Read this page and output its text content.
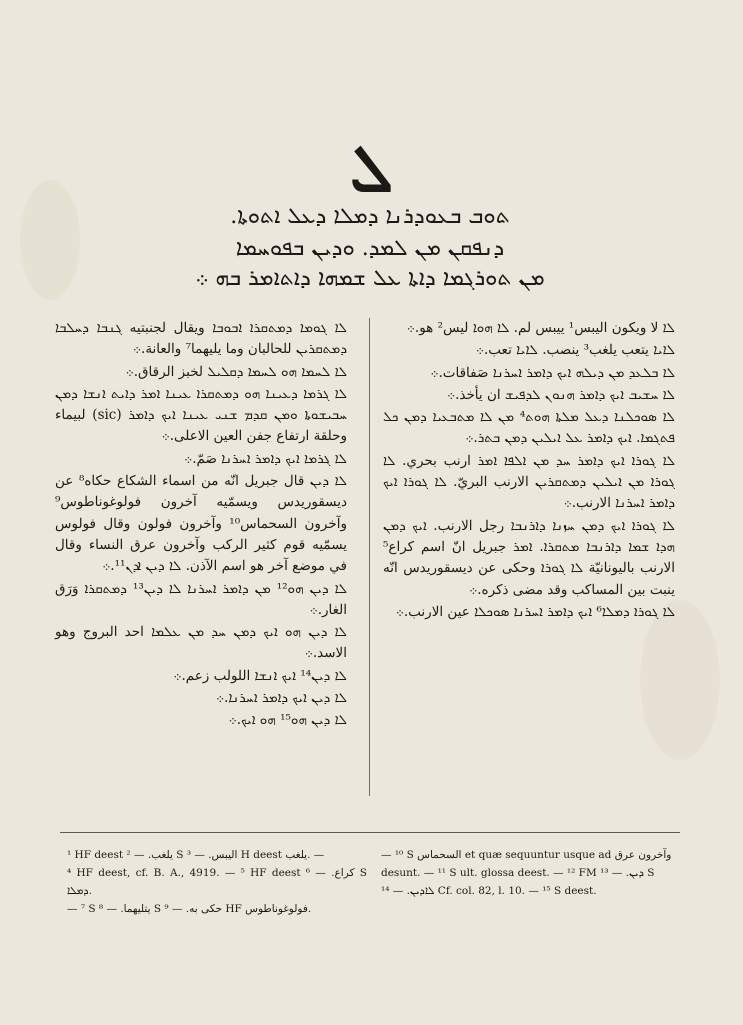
ܠ
ܬܘܒ ܒܥܘܕܪܢܐ ܕܡܠܐ ܕܥܠ ܐܬܘܬܐ.
ܕܢܦܩܢ ܡܢ ܠܡܕ. ܘܕܝܢ ܒܦܘܚܡܐ
ܡܢ ܬܘܪܓܡܐ ܕܐܬܐ ܥܠ ܫܡܗܐ ܕܐܬܐܡܪ ܒܗ ܀

ܠܐ لا ويكون اليبس¹ ييبس لم. ܠܐ ܗܘܐ ليس² هو.܀

ܠܐܝܐ يتعب يلغب³ ينصب. ܠܐܝܐ تعب.܀

ܠܐ ܒܠܥܕ ܡܢ ܕܝܠܗ ܐܝܟ ܕܐܡܪ ܐܚܪܢܐ صَفاقات.܀

ܠܐ ܚܫܝܒ ܐܝܟ ܕܐܡܪ ܗܢܘܢ ܠܕܦܝܫ ان يأخذ.܀

ܠܐ ܣܘܟܠܢܐ ܕܥܠ ܡܠܬܐ ܗܘܬ⁴ ܡܢ ܠܐ ܡܬܒܥܝܐ ܕܡܢ ܟܠ ܦܬܓܡܐ. ܐܝܟ ܕܐܡܪ ܥܠ ܐܝܠܝܢ ܕܡܢ ܒܬܪ.܀

ܠܐ ܓܘܪܐ ܐܝܟ ܕܐܡܪ ܚܕ ܡܢ ܐܠܦܐ ܐܡܪ ارنب بحري. ܠܐ ܓܘܪܐ ܡܢ ܐܝܠܝܢ ܕܡܬܩܪܝܢ الارنب البريّ. ܠܐ ܓܘܪܐ ܐܝܟ ܕܐܡܪ ܐܚܪܢܐ الارنب.܀

ܠܐ ܓܘܪܐ ܐܝܟ ܕܡܢ ܚܙܢܐ ܕܐܪܢܒܐ رجل الارنب. ܐܝܟ ܕܡܢ ܗܕܐ ܫܡܐ ܕܐܪܢܒܐ ܡܬܩܪܐ. ܐܡܪ جبريل انّ اسم كراع⁵ الارنب باليونانيّة ܠܐ ܓܘܪܐ وحكى عن ديسقوريدس انّه ينبت بين المساكب وقد مضى ذكره.܀

ܠܐ ܓܘܪܐ ܕܡܠܐ⁶ ܐܝܟ ܕܐܡܪ ܐܚܪܢܐ ܣܘܟܠܐ عين الارنب.܀

ܠܐ ܓܘܡܐ ܕܡܬܩܪܐ ܐܒܘܒܐ ويقال لجنبتيه ܓܢܒܐ ܕܚܠܒܐ ܕܡܬܩܪܝܢ للحالبان وما يليهما⁷ والعانة.܀

ܠܐ ܠܚܡܐ ܗܘ ܠܚܡܐ ܕܩܠܝܠ لخبز الرقاق.܀

ܠܐ ܓܪܡܐ ܕܥܝܢܐ ܗܘ ܕܡܬܩܪܐ ܥܝܢܐ ܐܡܪ ܕܐܝܬ ܐܢܫܐ ܕܡܢ ܚܒܝܫܘܬܐ ܘܡܢ ܩܕܡ ܫܢܝ ܥܝܢܐ ܐܝܟ ܕܐܡܪ (sic) لبيماء وحلقة ارتفاع جفن العين الاعلى.܀

ܠܐ ܓܪܡܐ ܐܝܟ ܕܐܡܪ ܐܚܪܢܐ صَمّ.܀

ܠܐ ܕܝܢ قال جبريل انّه من اسماء الشكاع حكاه⁸ عن ديسقوريدس ويسمّيه آخرون فولوغوناطوس⁹ وآخرون السحماس¹⁰ وآخرون فولون وقال فولوس يسمّيه قوم كثير الركب وآخرون عرق النساء وقال في موضع آخر هو اسم الآذن. ܠܐ ܕܝܢ ܐܕܢ¹¹.܀

ܠܐ ܕܝܢ ܗܘ¹² ܡܢ ܕܐܡܪ ܐܚܪܢܐ ܠܐ ܕܝܢ¹³ ܕܡܬܩܪܐ وَرَق الغار.܀

ܠܐ ܕܝܢ ܗܘ ܐܝܟ ܕܡܢ ܚܕ ܡܢ ܥܠܡܐ احد البروج وهو الاسد.܀

ܠܐ ܕܝܢ¹⁴ ܐܝܟ ܐܢܫܐ اللولب زعم.܀

ܠܐ ܕܝܢ ܐܝܟ ܕܐܡܪ ܐܚܪܢܐ.܀

ܠܐ ܕܝܢ ܗܘ¹⁵ ܗܘ ܐܝܟ.܀

¹ HF deest يلغب. — ² S اليبس. — ³ H deest يلغب. —

⁴ HF deest, cf. B. A., 4919. — ⁵ HF deest كراع. — ⁶ S ܕܡܠܐ.

— ⁷ S يتليهما. — ⁸ S حكى به. — ⁹ HF فولوغوناطوس.

— ¹⁰ S السحماس et quæ sequuntur usque ad وآخرون عرق

desunt. — ¹¹ S ult. glossa deest. — ¹² FM ܕܝܢ. — ¹³ S

ܠܐܕܝܢ. — ¹⁴ Cf. col. 82, l. 10. — ¹⁵ S deest.
